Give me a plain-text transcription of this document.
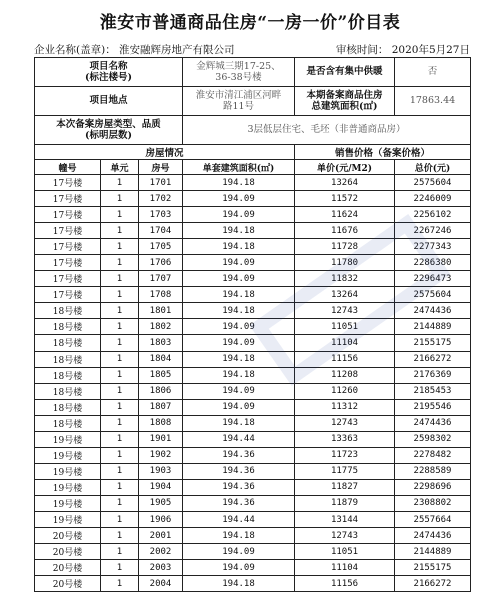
淮安市普通商品住房“一房一价”价目表
企业名称(盖章)： 淮安融辉房地产有限公司	审核时间： 2020年5月27日
项目名称
(标注楼号)			金辉城三期17-25、
36-38号楼	是否含有集中供暖	否
项目地点			淮安市清江浦区河畔
路11号	本期备案商品住房
总建筑面积(㎡)	17863.44
本次备案房屋类型、品质
(标明层数)			3层低层住宅、毛坯（非普通商品房）		
房屋情况				销售价格（备案价格）	
幢号	单元	房号	单套建筑面积(㎡)	单价(元/M2)	总价(元)
17号楼	1	1701	194.18	13264	2575604
17号楼	1	1702	194.09	11572	2246009
17号楼	1	1703	194.09	11624	2256102
17号楼	1	1704	194.18	11676	2267246
17号楼	1	1705	194.18	11728	2277343
17号楼	1	1706	194.09	11780	2286380
17号楼	1	1707	194.09	11832	2296473
17号楼	1	1708	194.18	13264	2575604
18号楼	1	1801	194.18	12743	2474436
18号楼	1	1802	194.09	11051	2144889
18号楼	1	1803	194.09	11104	2155175
18号楼	1	1804	194.18	11156	2166272
18号楼	1	1805	194.18	11208	2176369
18号楼	1	1806	194.09	11260	2185453
18号楼	1	1807	194.09	11312	2195546
18号楼	1	1808	194.18	12743	2474436
19号楼	1	1901	194.44	13363	2598302
19号楼	1	1902	194.36	11723	2278482
19号楼	1	1903	194.36	11775	2288589
19号楼	1	1904	194.36	11827	2298696
19号楼	1	1905	194.36	11879	2308802
19号楼	1	1906	194.44	13144	2557664
20号楼	1	2001	194.18	12743	2474436
20号楼	1	2002	194.09	11051	2144889
20号楼	1	2003	194.09	11104	2155175
20号楼	1	2004	194.18	11156	2166272
